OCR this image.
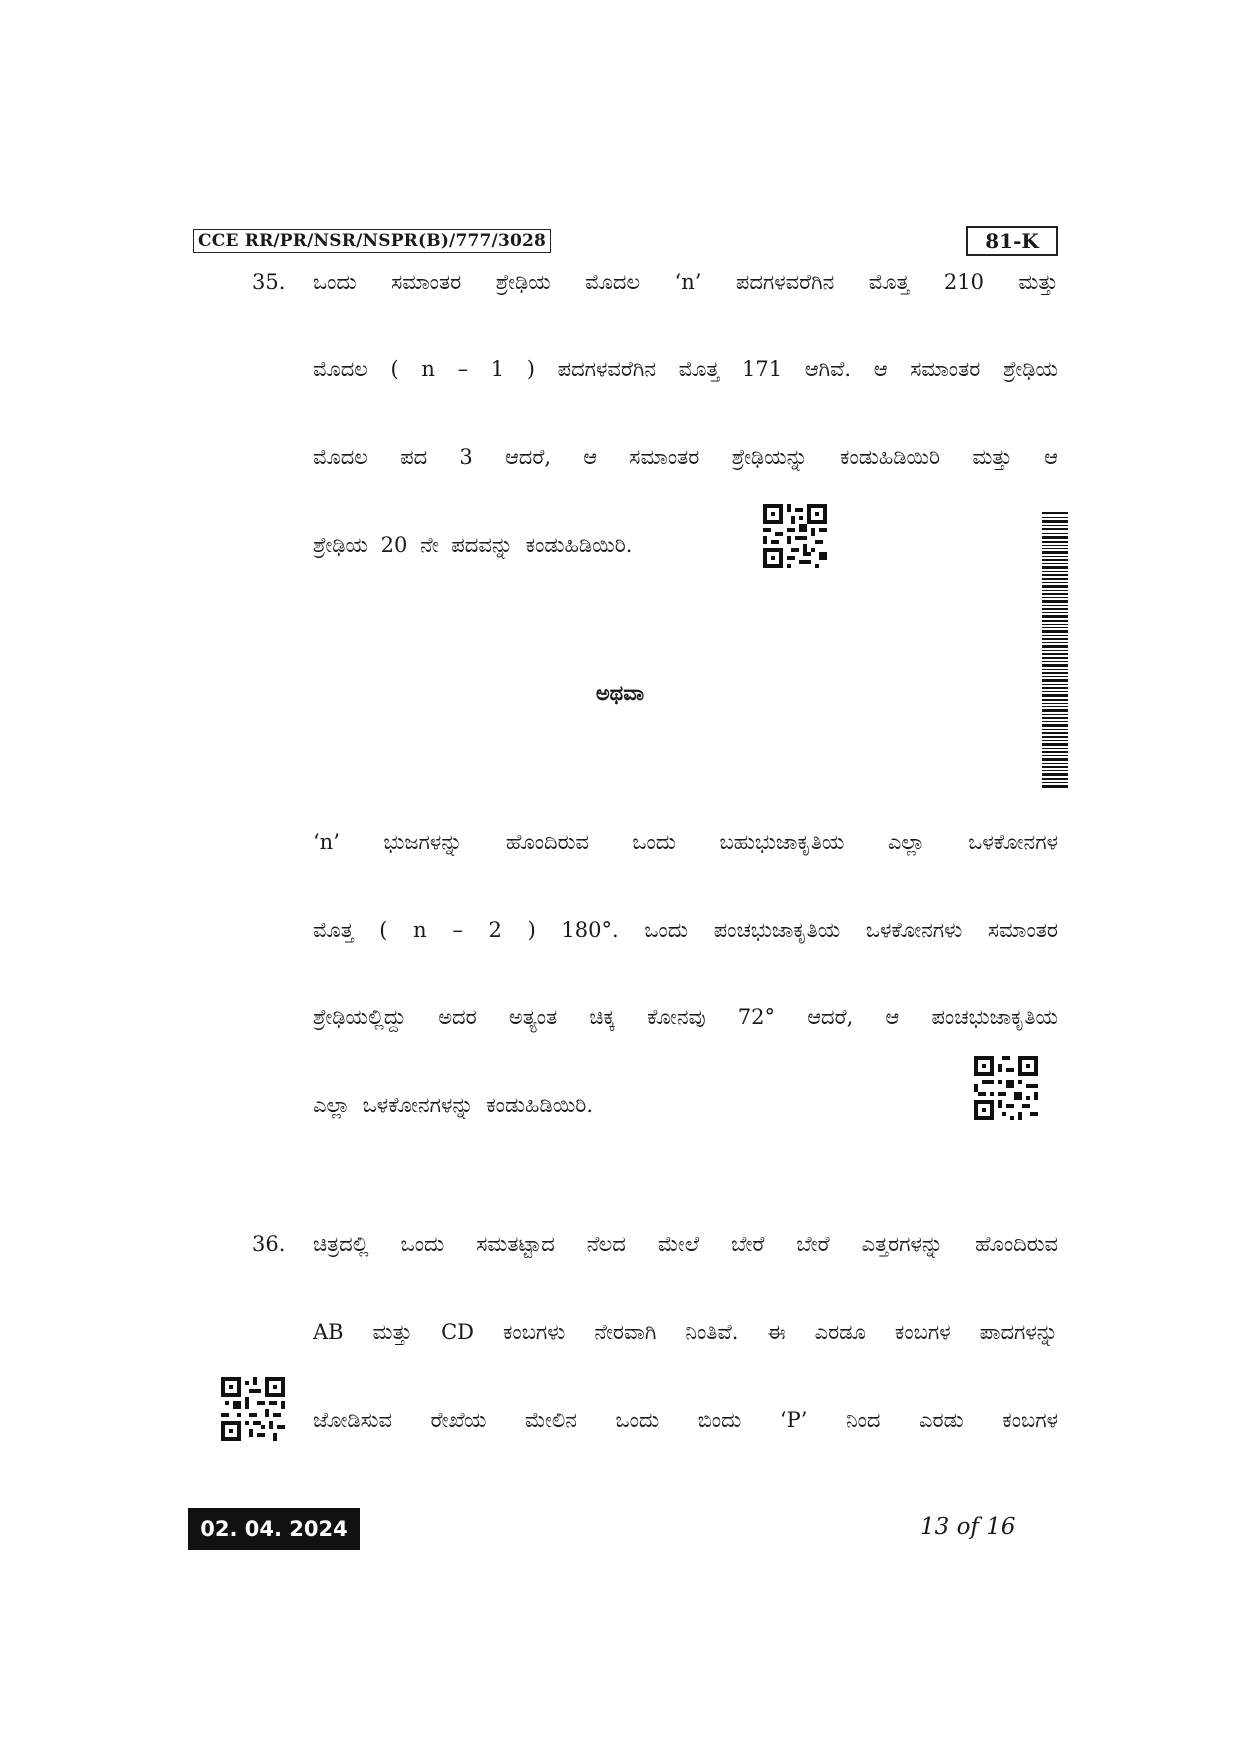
CCE RR/PR/NSR/NSPR(B)/777/3028	81-K
35. ಒಂದು ಸಮಾಂತರ ಶ್ರೇಢಿಯ ಮೊದಲ ‘n’ ಪದಗಳವರೆಗಿನ ಮೊತ್ತ 210 ಮತ್ತು
ಮೊದಲ ( n – 1 ) ಪದಗಳವರೆಗಿನ ಮೊತ್ತ 171 ಆಗಿವೆ. ಆ ಸಮಾಂತರ ಶ್ರೇಢಿಯ
ಮೊದಲ ಪದ 3 ಆದರೆ, ಆ ಸಮಾಂತರ ಶ್ರೇಢಿಯನ್ನು ಕಂಡುಹಿಡಿಯಿರಿ ಮತ್ತು ಆ
ಶ್ರೇಢಿಯ 20 ನೇ ಪದವನ್ನು ಕಂಡುಹಿಡಿಯಿರಿ.
ಅಥವಾ
‘n’ ಭುಜಗಳನ್ನು ಹೊಂದಿರುವ ಒಂದು ಬಹುಭುಜಾಕೃತಿಯ ಎಲ್ಲಾ ಒಳಕೋನಗಳ
ಮೊತ್ತ ( n – 2 ) 180°. ಒಂದು ಪಂಚಭುಜಾಕೃತಿಯ ಒಳಕೋನಗಳು ಸಮಾಂತರ
ಶ್ರೇಢಿಯಲ್ಲಿದ್ದು ಅದರ ಅತ್ಯಂತ ಚಿಕ್ಕ ಕೋನವು 72° ಆದರೆ, ಆ ಪಂಚಭುಜಾಕೃತಿಯ
ಎಲ್ಲಾ ಒಳಕೋನಗಳನ್ನು ಕಂಡುಹಿಡಿಯಿರಿ.
36. ಚಿತ್ರದಲ್ಲಿ ಒಂದು ಸಮತಟ್ಟಾದ ನೆಲದ ಮೇಲೆ ಬೇರೆ ಬೇರೆ ಎತ್ತರಗಳನ್ನು ಹೊಂದಿರುವ
AB ಮತ್ತು CD ಕಂಬಗಳು ನೇರವಾಗಿ ನಿಂತಿವೆ. ಈ ಎರಡೂ ಕಂಬಗಳ ಪಾದಗಳನ್ನು
ಜೋಡಿಸುವ ರೇಖೆಯ ಮೇಲಿನ ಒಂದು ಬಿಂದು ‘P’ ನಿಂದ ಎರಡು ಕಂಬಗಳ
02. 04. 2024	13 of 16
